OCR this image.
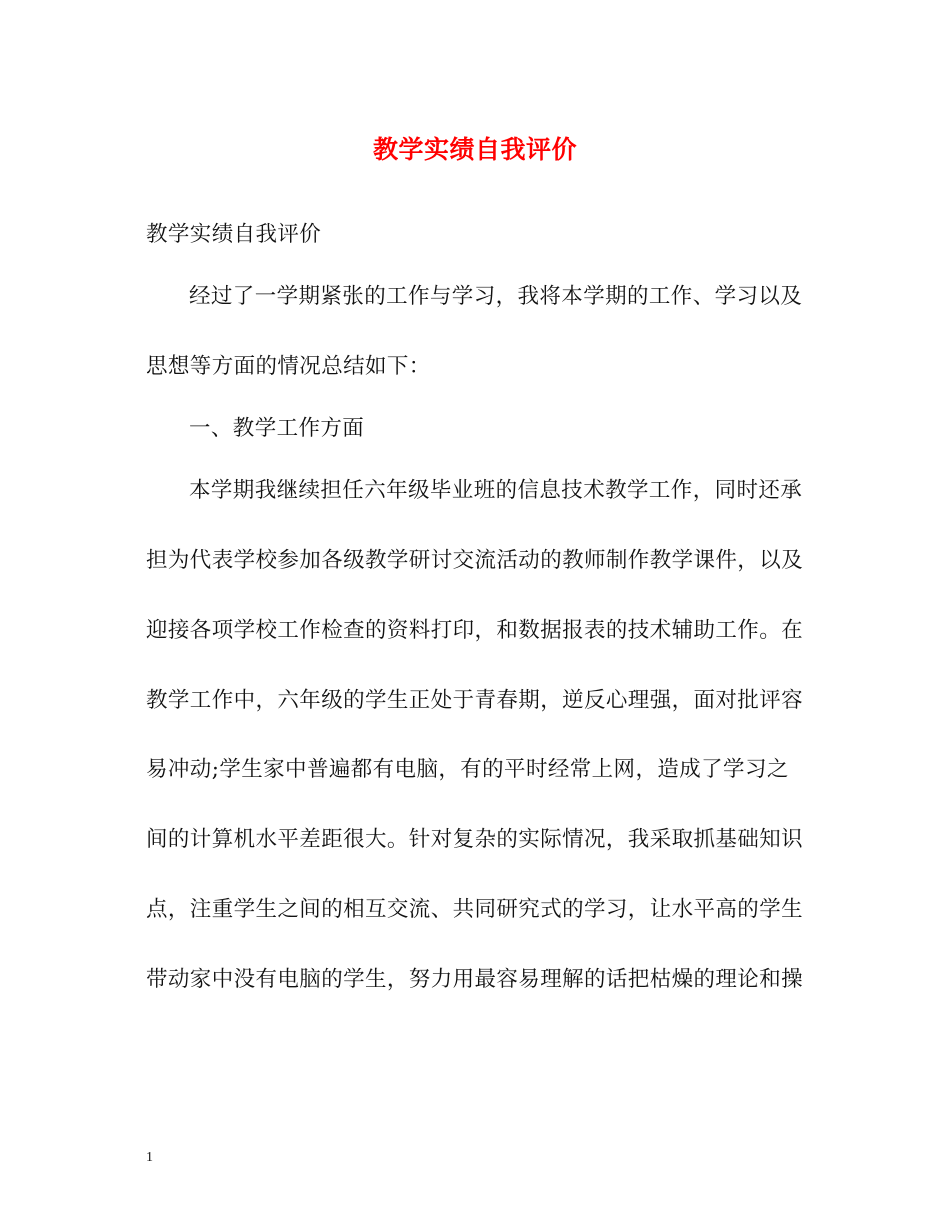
教学实绩自我评价
教学实绩自我评价
经过了一学期紧张的工作与学习，我将本学期的工作、学习以及
思想等方面的情况总结如下：
一、教学工作方面
本学期我继续担任六年级毕业班的信息技术教学工作，同时还承
担为代表学校参加各级教学研讨交流活动的教师制作教学课件，以及
迎接各项学校工作检查的资料打印，和数据报表的技术辅助工作。在
教学工作中，六年级的学生正处于青春期，逆反心理强，面对批评容
易冲动;学生家中普遍都有电脑，有的平时经常上网，造成了学习之
间的计算机水平差距很大。针对复杂的实际情况，我采取抓基础知识
点，注重学生之间的相互交流、共同研究式的学习，让水平高的学生
带动家中没有电脑的学生，努力用最容易理解的话把枯燥的理论和操
1
